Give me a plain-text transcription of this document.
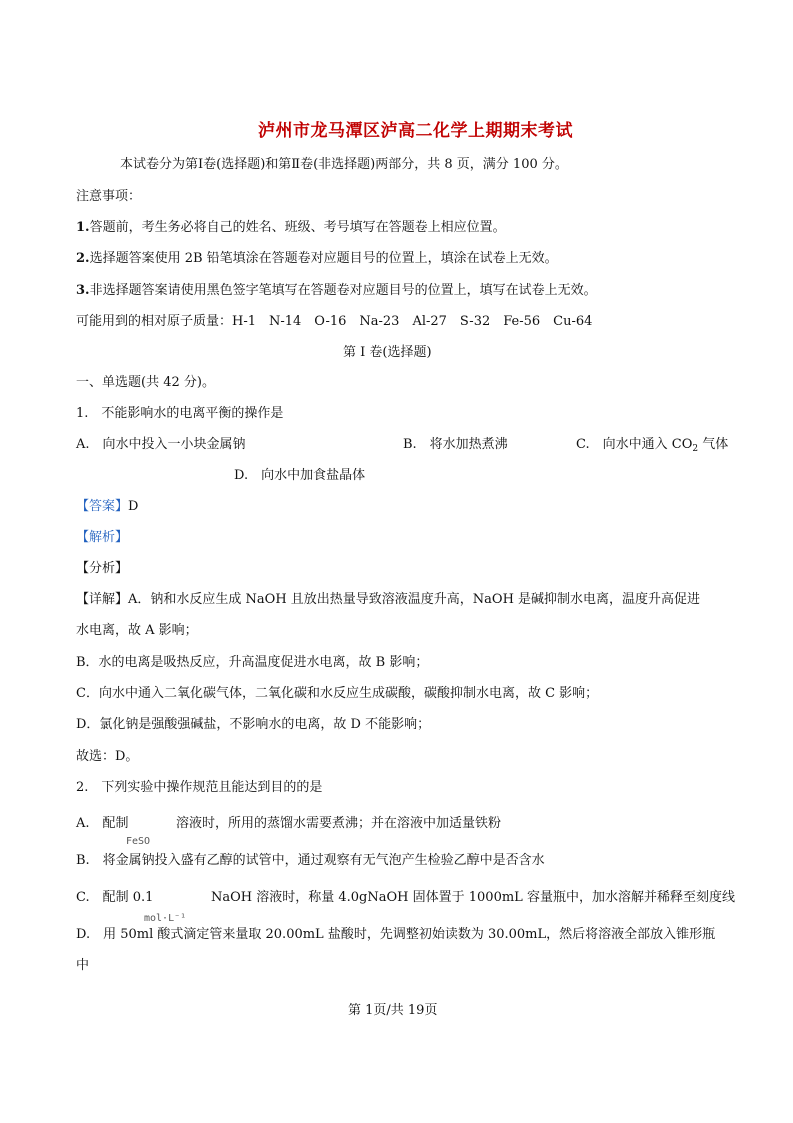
泸州市龙马潭区泸高二化学上期期末考试
本试卷分为第Ⅰ卷(选择题)和第Ⅱ卷(非选择题)两部分，共 8 页，满分 100 分。
注意事项：
1.答题前，考生务必将自己的姓名、班级、考号填写在答题卷上相应位置。
2.选择题答案使用 2B 铅笔填涂在答题卷对应题目号的位置上，填涂在试卷上无效。
3.非选择题答案请使用黑色签字笔填写在答题卷对应题目号的位置上，填写在试卷上无效。
可能用到的相对原子质量：H-1　N-14　O-16　Na-23　Al-27　S-32　Fe-56　Cu-64
第 Ⅰ 卷(选择题)
一、单选题(共 42 分)。
1.　不能影响水的电离平衡的操作是
A.　向水中投入一小块金属钠	B.　将水加热煮沸	C.　向水中通入 $CO_2$ 气体
D.　向水中加食盐晶体
【答案】D
【解析】
【分析】
【详解】A．钠和水反应生成 NaOH 且放出热量导致溶液温度升高，NaOH 是碱抑制水电离，温度升高促进
水电离，故 A 影响；
B．水的电离是吸热反应，升高温度促进水电离，故 B 影响；
C．向水中通入二氧化碳气体，二氧化碳和水反应生成碳酸，碳酸抑制水电离，故 C 影响；
D．氯化钠是强酸强碱盐，不影响水的电离，故 D 不能影响；
故选：D。
2.　下列实验中操作规范且能达到目的的是
A.　配制	溶液时，所用的蒸馏水需要煮沸；并在溶液中加适量铁粉
FeSO
B.　将金属钠投入盛有乙醇的试管中，通过观察有无气泡产生检验乙醇中是否含水
C.　配制 0.1	NaOH 溶液时，称量 4.0gNaOH 固体置于 1000mL 容量瓶中，加水溶解并稀释至刻度线
mol·L⁻¹
D.　用 50ml 酸式滴定管来量取 20.00mL 盐酸时，先调整初始读数为 30.00mL，然后将溶液全部放入锥形瓶
中
第 1页/共 19页
